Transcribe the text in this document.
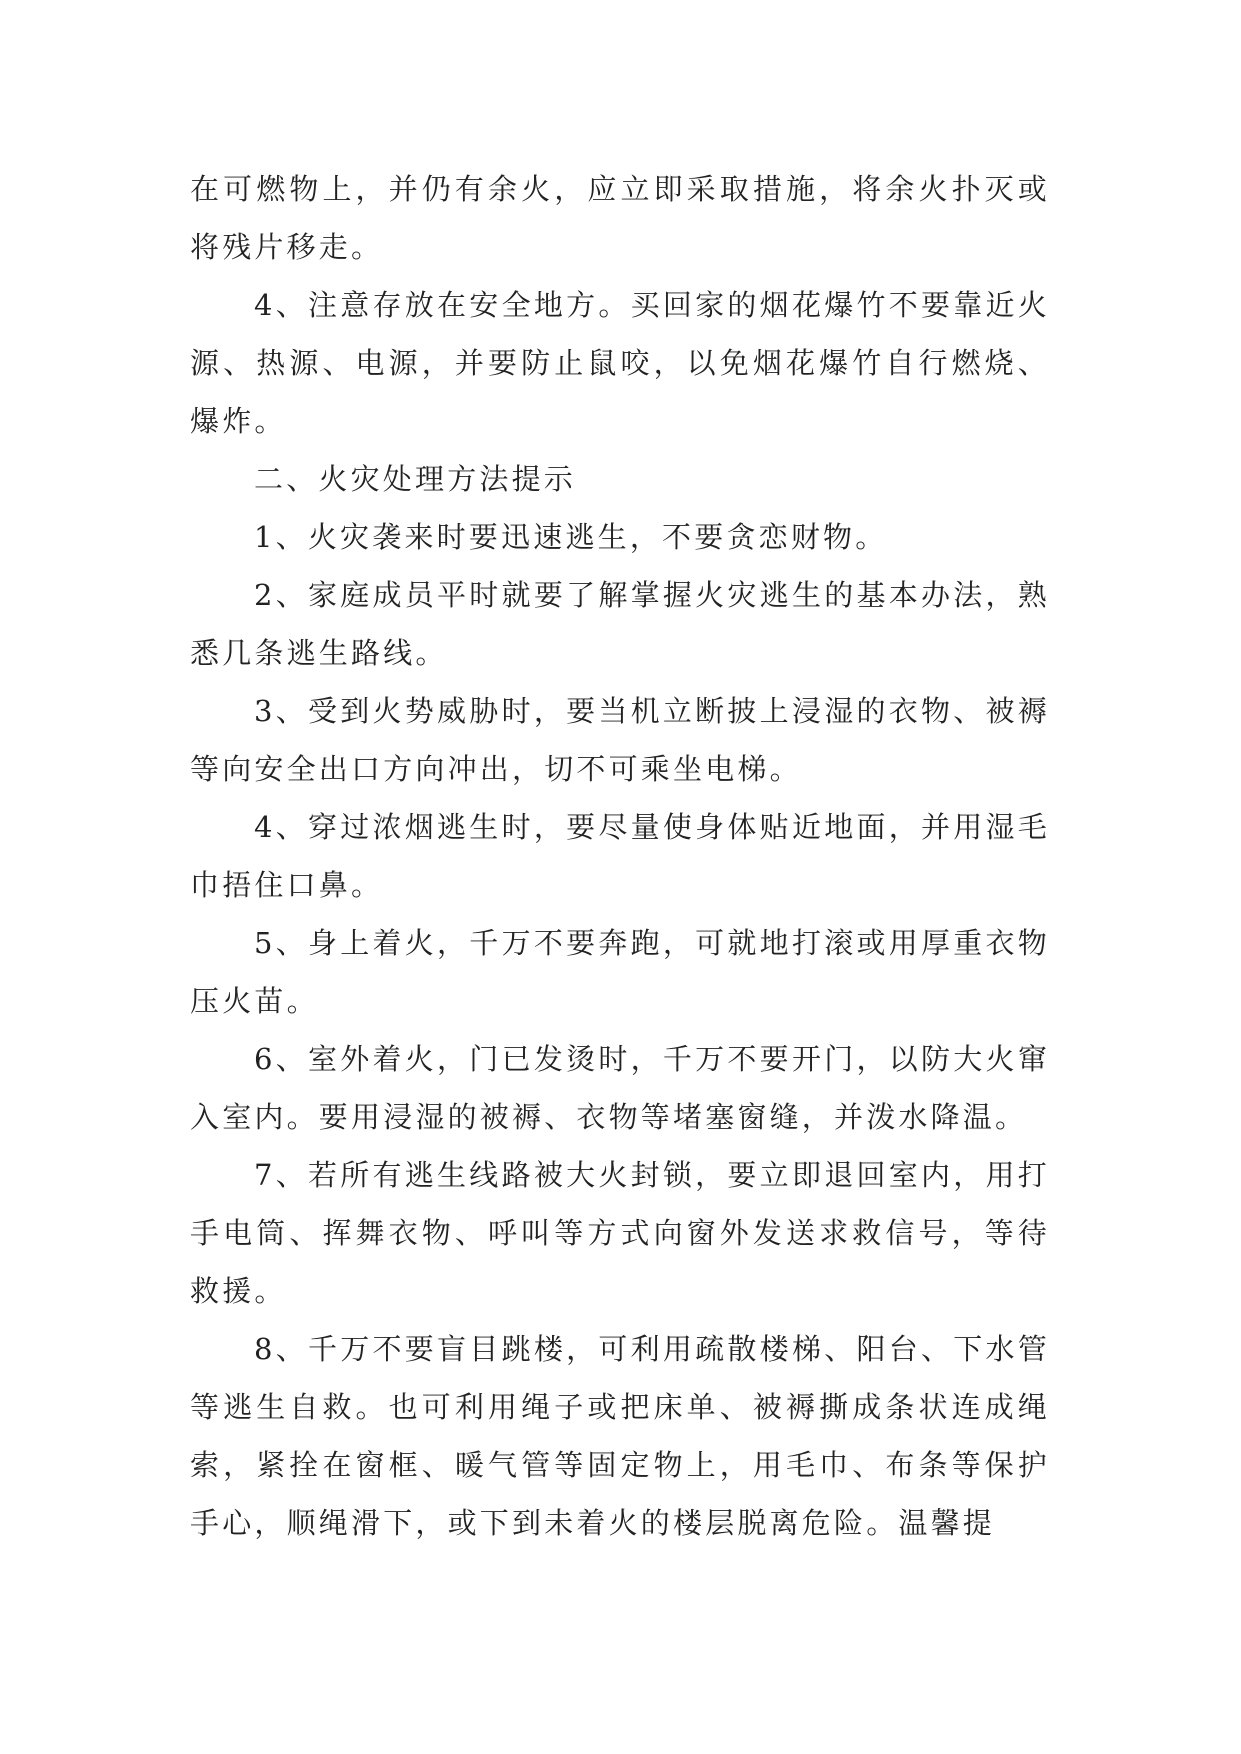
在可燃物上，并仍有余火，应立即采取措施，将余火扑灭或将残片移走。

4、注意存放在安全地方。买回家的烟花爆竹不要靠近火源、热源、电源，并要防止鼠咬，以免烟花爆竹自行燃烧、爆炸。

二、火灾处理方法提示

1、火灾袭来时要迅速逃生，不要贪恋财物。

2、家庭成员平时就要了解掌握火灾逃生的基本办法，熟悉几条逃生路线。

3、受到火势威胁时，要当机立断披上浸湿的衣物、被褥等向安全出口方向冲出，切不可乘坐电梯。

4、穿过浓烟逃生时，要尽量使身体贴近地面，并用湿毛巾捂住口鼻。

5、身上着火，千万不要奔跑，可就地打滚或用厚重衣物压火苗。

6、室外着火，门已发烫时，千万不要开门，以防大火窜入室内。要用浸湿的被褥、衣物等堵塞窗缝，并泼水降温。

7、若所有逃生线路被大火封锁，要立即退回室内，用打手电筒、挥舞衣物、呼叫等方式向窗外发送求救信号，等待救援。

8、千万不要盲目跳楼，可利用疏散楼梯、阳台、下水管等逃生自救。也可利用绳子或把床单、被褥撕成条状连成绳索，紧拴在窗框、暖气管等固定物上，用毛巾、布条等保护手心，顺绳滑下，或下到未着火的楼层脱离危险。温馨提
